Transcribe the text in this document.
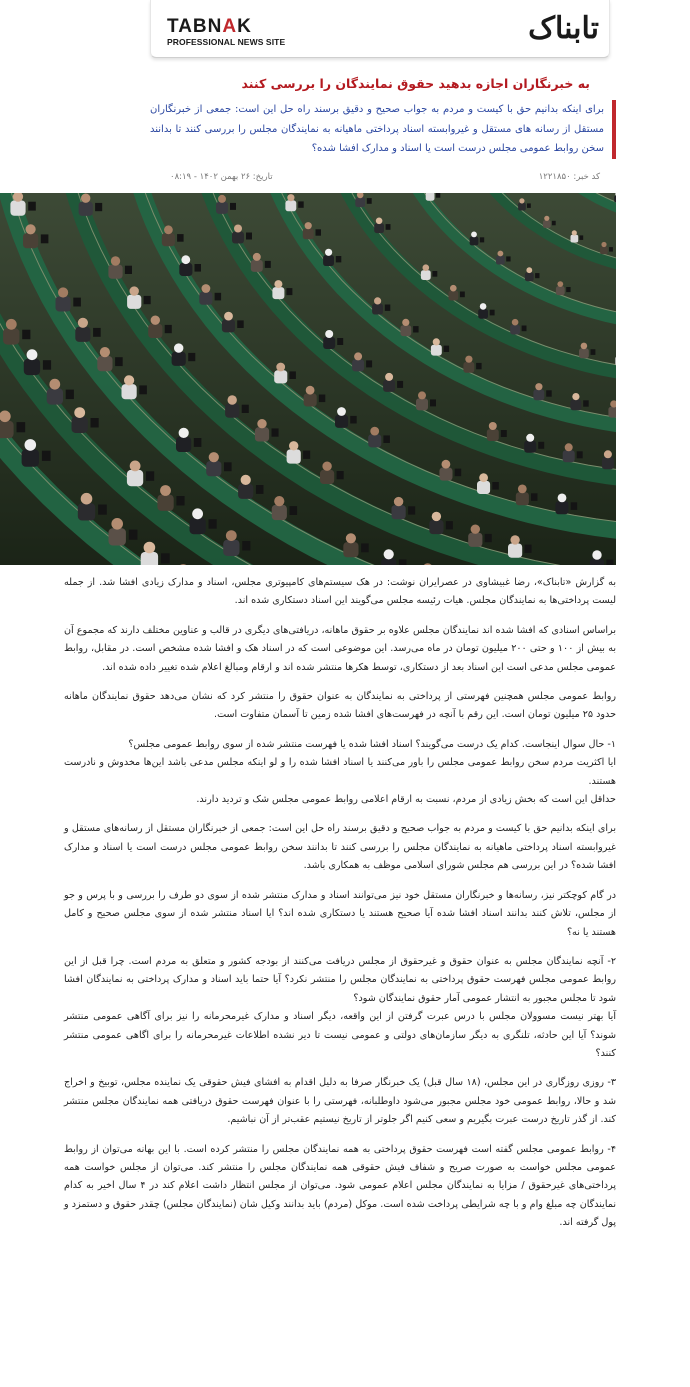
TABNAK
PROFESSIONAL NEWS SITE	تابناک
به خبرنگاران اجازه بدهید حقوق نمایندگان را بررسی کنند
برای اینکه بدانیم حق با کیست و مردم به جواب صحیح و دقیق برسند راه حل این است: جمعی از خبرنگاران مستقل از رسانه های مستقل و غیروابسته اسناد پرداختی ماهیانه به نمایندگان مجلس را بررسی کنند تا بدانند سخن روابط عمومی مجلس درست است یا اسناد و مدارک افشا شده؟
کد خبر: ۱۲۲۱۸۵۰
تاریخ: ۲۶ بهمن ۱۴۰۲ - ۰۸:۱۹

به گزارش «تابناک»، رضا غبیشاوی در عصرایران نوشت: در هک سیستم‌های کامپیوتری مجلس، اسناد و مدارک زیادی افشا شد. از جمله لیست پرداختی‌ها به نمایندگان مجلس. هیات رئیسه مجلس می‌گویند این اسناد دستکاری شده اند.

براساس اسنادی که افشا شده اند نمایندگان مجلس علاوه بر حقوق ماهانه، دریافتی‌های دیگری در قالب و عناوین مختلف دارند که مجموع آن به بیش از ۱۰۰ و حتی ۲۰۰ میلیون تومان در ماه می‌رسد. این موضوعی است که در اسناد هک و افشا شده مشخص است. در مقابل، روابط عمومی مجلس مدعی است این اسناد بعد از دستکاری، توسط هکرها منتشر شده اند و ارقام ومبالغ اعلام شده تغییر داده شده اند.

روابط عمومی مجلس همچنین فهرستی از پرداختی به نمایندگان به عنوان حقوق را منتشر کرد که نشان می‌دهد حقوق نمایندگان ماهانه حدود ۲۵ میلیون تومان است. این رقم با آنچه در فهرست‌های افشا شده زمین تا آسمان متفاوت است.

۱- حال سوال اینجاست. کدام یک درست می‌گویند؟ اسناد افشا شده یا فهرست منتشر شده از سوی روابط عمومی مجلس؟

ایا اکثریت مردم سخن روابط عمومی مجلس را باور می‌کنند یا اسناد افشا شده را و لو اینکه مجلس مدعی باشد این‌ها مخدوش و نادرست هستند.

حداقل این است که بخش زیادی از مردم، نسبت به ارقام اعلامی روابط عمومی مجلس شک و تردید دارند.

برای اینکه بدانیم حق با کیست و مردم به جواب صحیح و دقیق برسند راه حل این است: جمعی از خبرنگاران مستقل از رسانه‌های مستقل و غیروابسته اسناد پرداختی ماهیانه به نمایندگان مجلس را بررسی کنند تا بدانند سخن روابط عمومی مجلس درست است یا اسناد و مدارک افشا شده؟ در این بررسی هم مجلس شورای اسلامی موظف به همکاری باشد.

در گام کوچکتر نیز، رسانه‌ها و خبرنگاران مستقل خود نیز می‌توانند اسناد و مدارک منتشر شده از سوی دو طرف را بررسی و با پرس و جو از مجلس، تلاش کنند بدانند اسناد افشا شده آیا صحیح هستند یا دستکاری شده اند؟ ایا اسناد منتشر شده از سوی مجلس صحیح و کامل هستند یا نه؟

۲- آنچه نمایندگان مجلس به عنوان حقوق و غیرحقوق از مجلس دریافت می‌کنند از بودجه کشور و متعلق به مردم است. چرا قبل از این روابط عمومی مجلس فهرست حقوق پرداختی به نمایندگان مجلس را منتشر نکرد؟ آیا حتما باید اسناد و مدارک پرداختی به نمایندگان افشا شود تا مجلس مجبور به انتشار عمومی آمار حقوق نمایندگان شود؟

آیا بهتر نیست مسوولان مجلس با درس عبرت گرفتن از این واقعه، دیگر اسناد و مدارک غیرمحرمانه را نیز برای آگاهی عمومی منتشر شوند؟ آیا این حادثه، تلنگری به دیگر سازمان‌های دولتی و عمومی نیست تا دیر نشده اطلاعات غیرمحرمانه را برای اگاهی عمومی منتشر کنند؟

۳- روزی روزگاری در این مجلس، (۱۸ سال قبل) یک خبرنگار صرفا به دلیل اقدام به افشای فیش حقوقی یک نماینده مجلس، توبیخ و اخراج شد و حالا، روابط عمومی خود مجلس مجبور می‌شود داوطلبانه، فهرستی را با عنوان فهرست حقوق دریافتی همه نمایندگان مجلس منتشر کند. از گذر تاریخ درست عبرت بگیریم و سعی کنیم اگر جلوتر از تاریخ نیستیم عقب‌تر از آن نباشیم.

۴- روابط عمومی مجلس گفته است فهرست حقوق پرداختی به همه نمایندگان مجلس را منتشر کرده است. با این بهانه می‌توان از روابط عمومی مجلس خواست به صورت صریح و شفاف فیش حقوقی همه نمایندگان مجلس را منتشر کند. می‌توان از مجلس خواست همه پرداختی‌های غیرحقوق / مزایا به نمایندگان مجلس اعلام عمومی شود. می‌توان از مجلس انتظار داشت اعلام کند در ۴ سال اخیر به کدام نمایندگان چه مبلغ وام و با چه شرایطی پرداخت شده است. موکل (مردم) باید بدانند وکیل شان (نمایندگان مجلس) چقدر حقوق و دستمزد و پول گرفته اند.
